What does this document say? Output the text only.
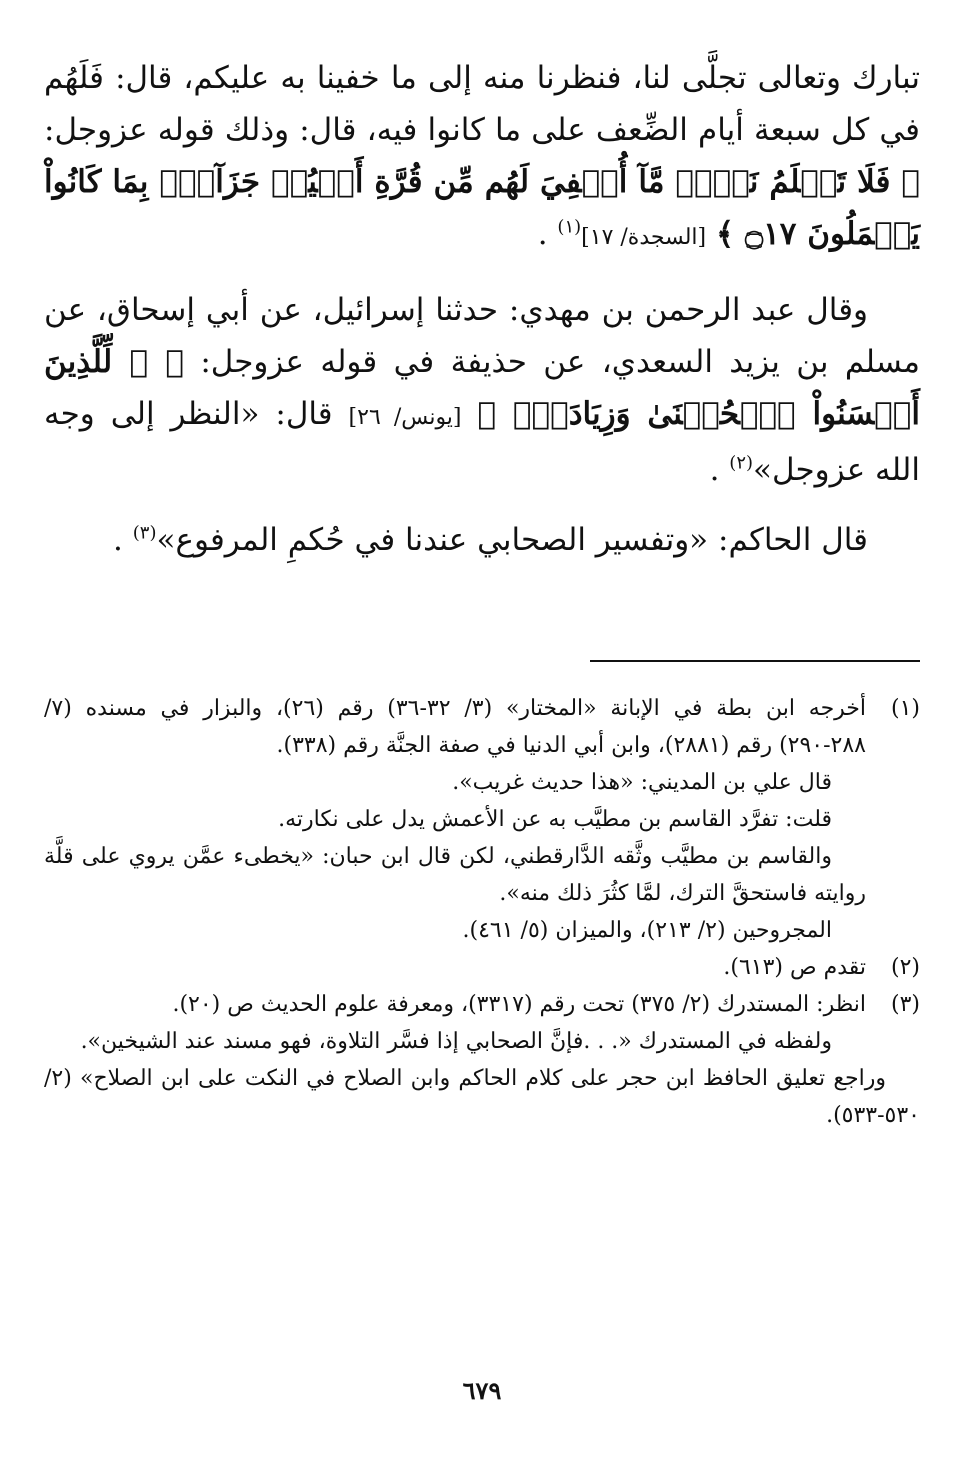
تبارك وتعالى تجلَّى لنا، فنظرنا منه إلى ما خفينا به عليكم، قال: فَلَهُم في كل سبعة أيام الضِّعف على ما كانوا فيه، قال: وذلك قوله عزوجل: ﴿ فَلَا تَعۡلَمُ نَفۡسٞ مَّآ أُخۡفِيَ لَهُم مِّن قُرَّةِ أَعۡيُنٖ جَزَآءَۢ بِمَا كَانُواْ يَعۡمَلُونَ ۝١٧ ﴾ [السجدة/ ١٧]$^{(١)}$ .

وقال عبد الرحمن بن مهدي: حدثنا إسرائيل، عن أبي إسحاق، عن مسلم بن يزيد السعدي، عن حذيفة في قوله عزوجل: ﴿ ۞ لِّلَّذِينَ أَحۡسَنُواْ ٱلۡحُسۡنَىٰ وَزِيَادَةٞۖ ﴾ [يونس/ ٢٦] قال: «النظر إلى وجه الله عزوجل»$^{(٢)}$ .

قال الحاكم: «وتفسير الصحابي عندنا في حُكمِ المرفوع»$^{(٣)}$ .

(١)

أخرجه ابن بطة في الإبانة «المختار» (٣/ ٣٢-٣٦) رقم (٢٦)، والبزار في مسنده (٧/ ٢٨٨-٢٩٠) رقم (٢٨٨١)، وابن أبي الدنيا في صفة الجنَّة رقم (٣٣٨).

قال علي بن المديني: «هذا حديث غريب».

قلت: تفرَّد القاسم بن مطيَّب به عن الأعمش يدل على نكارته.

والقاسم بن مطيَّب وثَّقه الدَّارقطني، لكن قال ابن حبان: «يخطىء عمَّن يروي على قلَّة روايته فاستحقَّ الترك، لمَّا كثُرَ ذلك منه».

المجروحين (٢/ ٢١٣)، والميزان (٥/ ٤٦١).

(٢)

تقدم ص (٦١٣).

(٣)

انظر: المستدرك (٢/ ٣٧٥) تحت رقم (٣٣١٧)، ومعرفة علوم الحديث ص (٢٠).

ولفظه في المستدرك «. . .فإنَّ الصحابي إذا فسَّر التلاوة، فهو مسند عند الشيخين».

وراجع تعليق الحافظ ابن حجر على كلام الحاكم وابن الصلاح في النكت على ابن الصلاح» (٢/ ٥٣٠-٥٣٣).

٦٧٩
